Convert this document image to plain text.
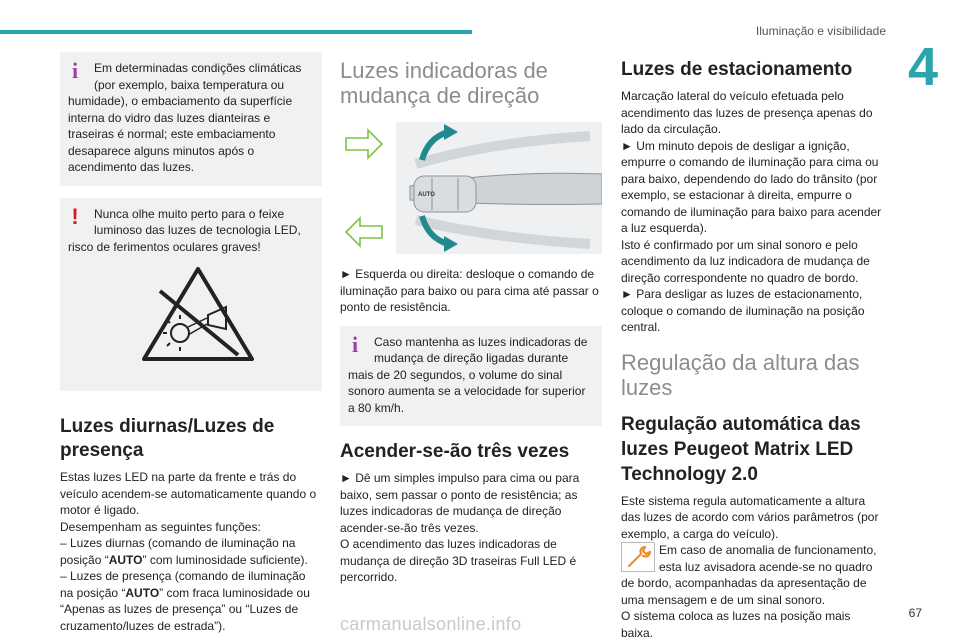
Iluminação e visibilidade
4
67
carmanualsonline.info
i	Em determinadas condições climáticas (por exemplo, baixa temperatura ou humidade), o embaciamento da superfície interna do vidro das luzes dianteiras e traseiras é normal; este embaciamento desaparece alguns minutos após o acendimento das luzes.

!	Nunca olhe muito perto para o feixe luminoso das luzes de tecnologia LED, risco de ferimentos oculares graves!

Luzes diurnas/Luzes de presença

Estas luzes LED na parte da frente e trás do veículo acendem-se automaticamente quando o motor é ligado.

Desempenham as seguintes funções:

– Luzes diurnas (comando de iluminação na posição “AUTO” com luminosidade suficiente).

– Luzes de presença (comando de iluminação na posição “AUTO” com fraca luminosidade ou “Apenas as luzes de presença” ou “Luzes de cruzamento/luzes de estrada”).

Luzes indicadoras de mudança de direção
AUTO

► Esquerda ou direita: desloque o comando de iluminação para baixo ou para cima até passar o ponto de resistência.

i	Caso mantenha as luzes indicadoras de mudança de direção ligadas durante mais de 20 segundos, o volume do sinal sonoro aumenta se a velocidade for superior a 80 km/h.

Acender-se-ão três vezes

► Dê um simples impulso para cima ou para baixo, sem passar o ponto de resistência; as luzes indicadoras de mudança de direção acender-se-ão três vezes.

O acendimento das luzes indicadoras de mudança de direção 3D traseiras Full LED é percorrido.

Luzes de estacionamento

Marcação lateral do veículo efetuada pelo acendimento das luzes de presença apenas do lado da circulação.

► Um minuto depois de desligar a ignição, empurre o comando de iluminação para cima ou para baixo, dependendo do lado do trânsito (por exemplo, se estacionar à direita, empurre o comando de iluminação para baixo para acender a luz esquerda).

Isto é confirmado por um sinal sonoro e pelo acendimento da luz indicadora de mudança de direção correspondente no quadro de bordo.

► Para desligar as luzes de estacionamento, coloque o comando de iluminação na posição central.

Regulação da altura das luzes
Regulação automática das luzes Peugeot Matrix LED Technology 2.0

Este sistema regula automaticamente a altura das luzes de acordo com vários parâmetros (por exemplo, a carga do veículo).

Em caso de anomalia de funcionamento, esta luz avisadora acende-se no quadro de bordo, acompanhadas da apresentação de uma mensagem e de um sinal sonoro.

O sistema coloca as luzes na posição mais baixa.
